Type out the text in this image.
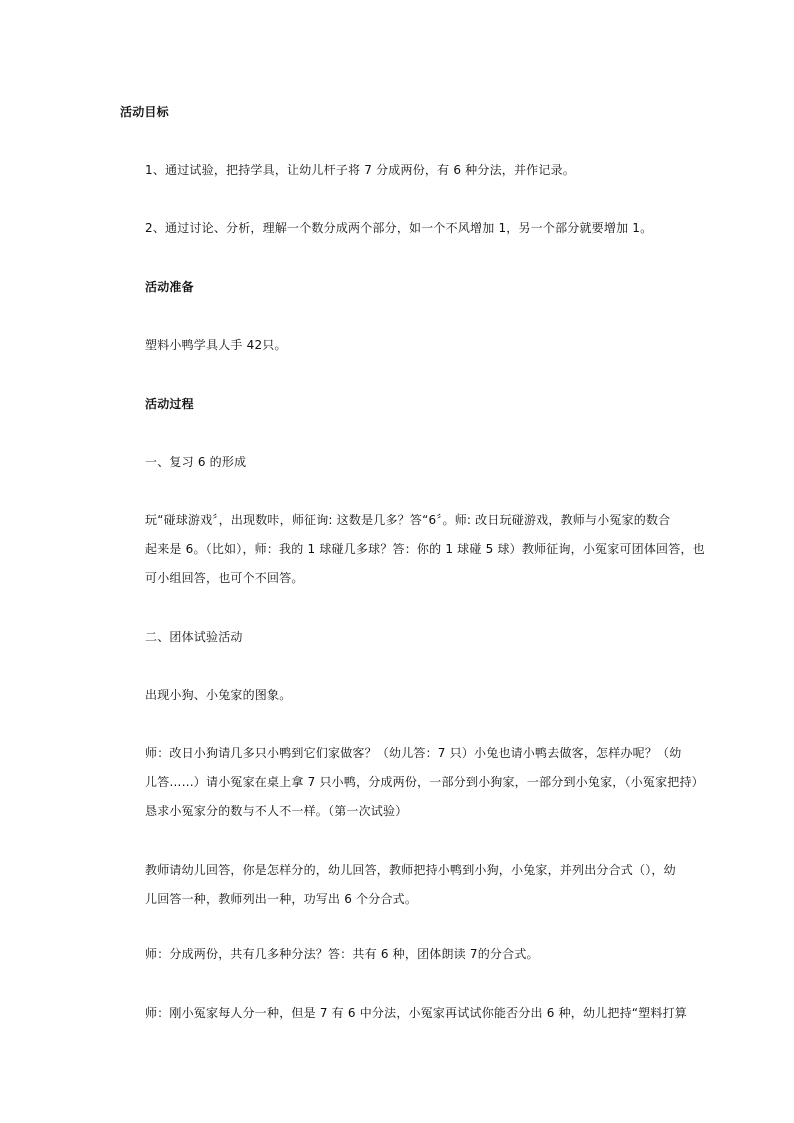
活动目标
1、通过试验，把持学具，让幼儿杆子将 7 分成两份，有 6 种分法，并作记录。
2、通过讨论、分析，理解一个数分成两个部分，如一个不风增加 1，另一个部分就要增加 1。
活动准备
塑料小鸭学具人手 42只。
活动过程
一、复习 6 的形成
玩“碰球游戏〞，出现数咔，师征询: 这数是几多？答“6〞。师: 改日玩碰游戏，教师与小冤家的数合
起来是 6。（比如），师：我的 1 球碰几多球？答：你的 1 球碰 5 球）教师征询，小冤家可团体回答，也
可小组回答，也可个不回答。
二、团体试验活动
出现小狗、小兔家的图象。
师：改日小狗请几多只小鸭到它们家做客？（幼儿答：7 只）小兔也请小鸭去做客，怎样办呢？（幼
儿答……）请小冤家在桌上拿 7 只小鸭，分成两份，一部分到小狗家，一部分到小兔家，（小冤家把持）
恳求小冤家分的数与不人不一样。（第一次试验）
教师请幼儿回答，你是怎样分的，幼儿回答，教师把持小鸭到小狗，小兔家，并列出分合式（），幼
儿回答一种，教师列出一种，功写出 6 个分合式。
师：分成两份，共有几多种分法？答：共有 6 种，团体朗读 7的分合式。
师：刚小冤家每人分一种，但是 7 有 6 中分法，小冤家再试试你能否分出 6 种，幼儿把持“塑料打算
